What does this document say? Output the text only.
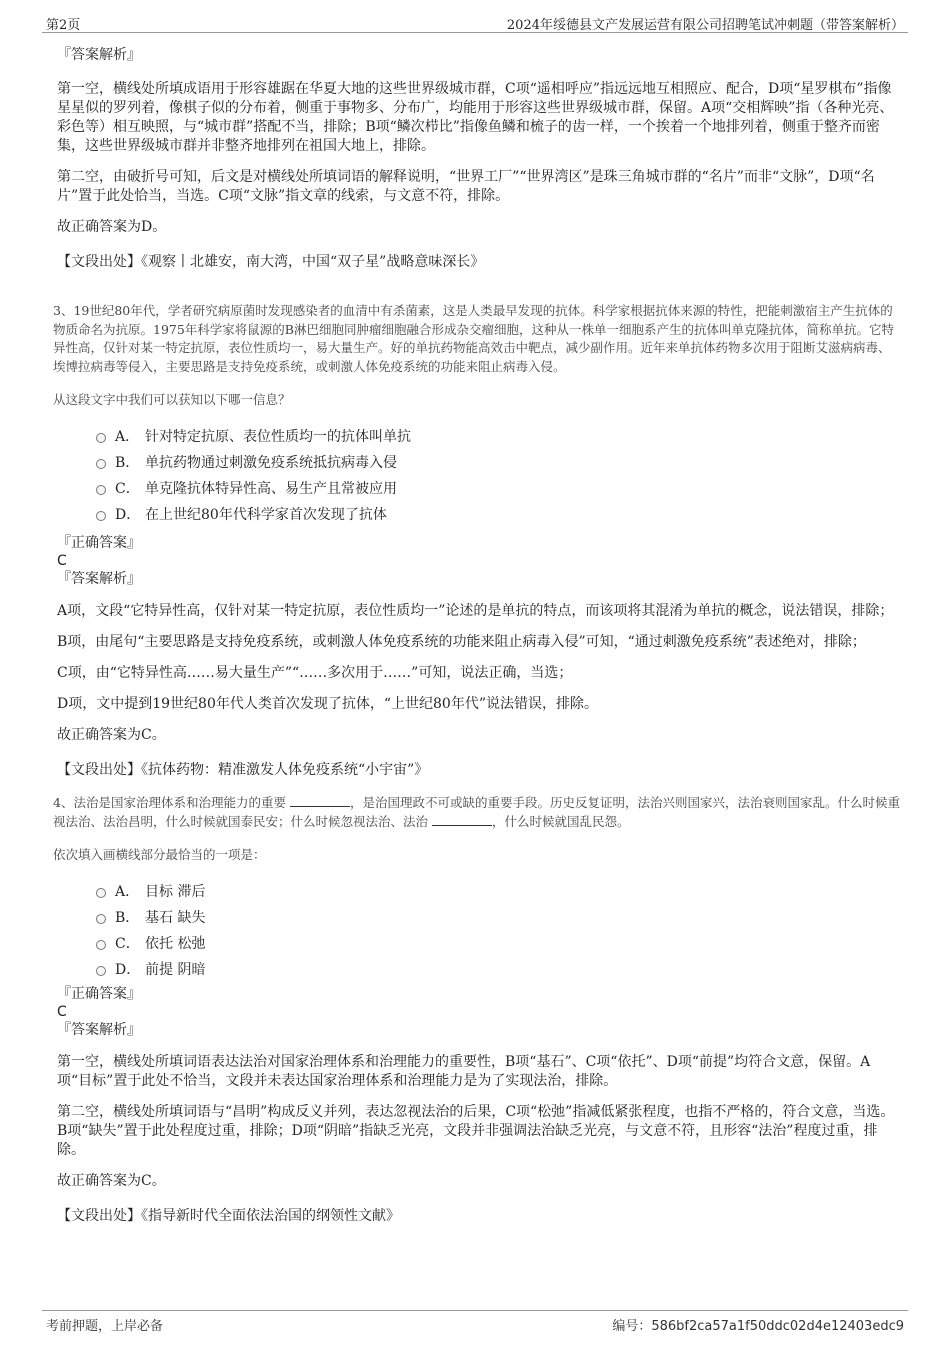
第2页	2024年绥德县文产发展运营有限公司招聘笔试冲刺题（带答案解析）

『答案解析』

第一空，横线处所填成语用于形容雄踞在华夏大地的这些世界级城市群，C项“遥相呼应”指远远地互相照应、配合，D项“星罗棋布”指像星星似的罗列着，像棋子似的分布着，侧重于事物多、分布广，均能用于形容这些世界级城市群，保留。A项“交相辉映”指（各种光亮、彩色等）相互映照，与“城市群”搭配不当，排除；B项“鳞次栉比”指像鱼鳞和梳子的齿一样，一个挨着一个地排列着，侧重于整齐而密集，这些世界级城市群并非整齐地排列在祖国大地上，排除。

第二空，由破折号可知，后文是对横线处所填词语的解释说明，“世界工厂”“世界湾区”是珠三角城市群的“名片”而非“文脉”，D项“名片”置于此处恰当，当选。C项“文脉”指文章的线索，与文意不符，排除。

故正确答案为D。

【文段出处】《观察丨北雄安，南大湾，中国“双子星”战略意味深长》

3、19世纪80年代，学者研究病原菌时发现感染者的血清中有杀菌素，这是人类最早发现的抗体。科学家根据抗体来源的特性，把能刺激宿主产生抗体的物质命名为抗原。1975年科学家将鼠源的B淋巴细胞同肿瘤细胞融合形成杂交瘤细胞，这种从一株单一细胞系产生的抗体叫单克隆抗体，简称单抗。它特异性高，仅针对某一特定抗原，表位性质均一，易大量生产。好的单抗药物能高效击中靶点，减少副作用。近年来单抗体药物多次用于阻断艾滋病病毒、埃博拉病毒等侵入，主要思路是支持免疫系统，或刺激人体免疫系统的功能来阻止病毒入侵。

从这段文字中我们可以获知以下哪一信息？

A． 针对特定抗原、表位性质均一的抗体叫单抗
B． 单抗药物通过刺激免疫系统抵抗病毒入侵
C． 单克隆抗体特异性高、易生产且常被应用
D． 在上世纪80年代科学家首次发现了抗体

『正确答案』

C

『答案解析』

A项，文段“它特异性高，仅针对某一特定抗原，表位性质均一”论述的是单抗的特点，而该项将其混淆为单抗的概念，说法错误，排除；

B项，由尾句“主要思路是支持免疫系统，或刺激人体免疫系统的功能来阻止病毒入侵”可知，“通过刺激免疫系统”表述绝对，排除；

C项，由“它特异性高……易大量生产”“……多次用于……”可知，说法正确，当选；

D项，文中提到19世纪80年代人类首次发现了抗体，“上世纪80年代”说法错误，排除。

故正确答案为C。

【文段出处】《抗体药物：精准激发人体免疫系统“小宇宙”》

4、法治是国家治理体系和治理能力的重要	，是治国理政不可或缺的重要手段。历史反复证明，法治兴则国家兴，法治衰则国家乱。什么时候重视法治、法治昌明，什么时候就国泰民安；什么时候忽视法治、法治	，什么时候就国乱民怨。

依次填入画横线部分最恰当的一项是：

A． 目标 滞后
B． 基石 缺失
C． 依托 松弛
D． 前提 阴暗

『正确答案』

C

『答案解析』

第一空，横线处所填词语表达法治对国家治理体系和治理能力的重要性，B项“基石”、C项“依托”、D项“前提”均符合文意，保留。A项“目标”置于此处不恰当，文段并未表达国家治理体系和治理能力是为了实现法治，排除。

第二空，横线处所填词语与“昌明”构成反义并列，表达忽视法治的后果，C项“松弛”指减低紧张程度，也指不严格的，符合文意，当选。B项“缺失”置于此处程度过重，排除；D项“阴暗”指缺乏光亮，文段并非强调法治缺乏光亮，与文意不符，且形容“法治”程度过重，排除。

故正确答案为C。

【文段出处】《指导新时代全面依法治国的纲领性文献》

考前押题，上岸必备	编号：586bf2ca57a1f50ddc02d4e12403edc9
